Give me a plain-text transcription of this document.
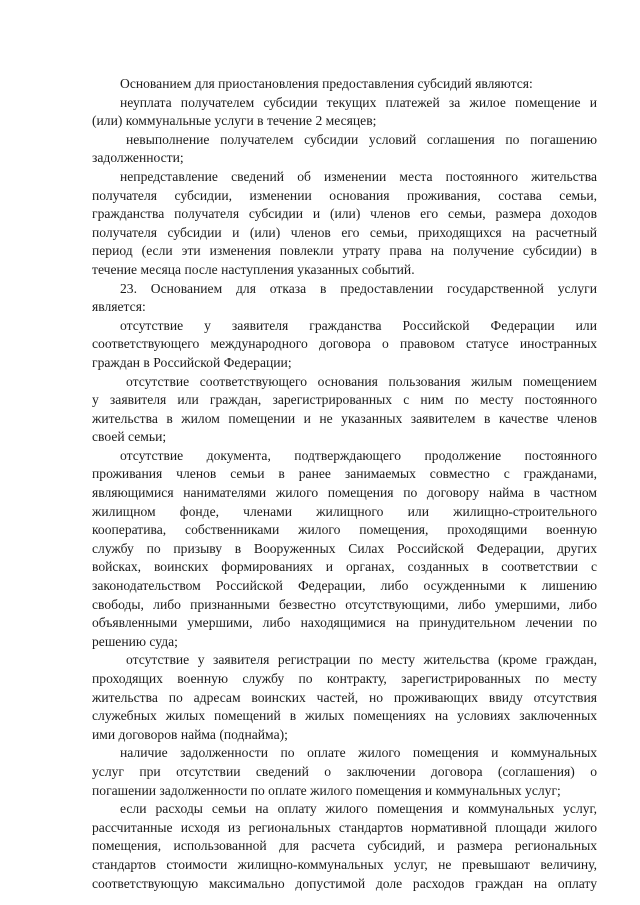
Основанием для приостановления предоставления субсидий являются:
неуплата получателем субсидии текущих платежей за жилое помещение и
(или) коммунальные услуги в течение 2 месяцев;
невыполнение получателем субсидии условий соглашения по погашению
задолженности;
непредставление сведений об изменении места постоянного жительства
получателя субсидии, изменении основания проживания, состава семьи,
гражданства получателя субсидии и (или) членов его семьи, размера доходов
получателя субсидии и (или) членов его семьи, приходящихся на расчетный
период (если эти изменения повлекли утрату права на получение субсидии) в
течение месяца после наступления указанных событий.
23. Основанием для отказа в предоставлении государственной услуги
является:
отсутствие у заявителя гражданства Российской Федерации или
соответствующего международного договора о правовом статусе иностранных
граждан в Российской Федерации;
отсутствие соответствующего основания пользования жилым помещением
у заявителя или граждан, зарегистрированных с ним по месту постоянного
жительства в жилом помещении и не указанных заявителем в качестве членов
своей семьи;
отсутствие документа, подтверждающего продолжение постоянного
проживания членов семьи в ранее занимаемых совместно с гражданами,
являющимися нанимателями жилого помещения по договору найма в частном
жилищном фонде, членами жилищного или жилищно-строительного
кооператива, собственниками жилого помещения, проходящими военную
службу по призыву в Вооруженных Силах Российской Федерации, других
войсках, воинских формированиях и органах, созданных в соответствии с
законодательством Российской Федерации, либо осужденными к лишению
свободы, либо признанными безвестно отсутствующими, либо умершими, либо
объявленными умершими, либо находящимися на принудительном лечении по
решению суда;
отсутствие у заявителя регистрации по месту жительства (кроме граждан,
проходящих военную службу по контракту, зарегистрированных по месту
жительства по адресам воинских частей, но проживающих ввиду отсутствия
служебных жилых помещений в жилых помещениях на условиях заключенных
ими договоров найма (поднайма);
наличие задолженности по оплате жилого помещения и коммунальных
услуг при отсутствии сведений о заключении договора (соглашения) о
погашении задолженности по оплате жилого помещения и коммунальных услуг;
если расходы семьи на оплату жилого помещения и коммунальных услуг,
рассчитанные исходя из региональных стандартов нормативной площади жилого
помещения, использованной для расчета субсидий, и размера региональных
стандартов стоимости жилищно-коммунальных услуг, не превышают величину,
соответствующую максимально допустимой доле расходов граждан на оплату
